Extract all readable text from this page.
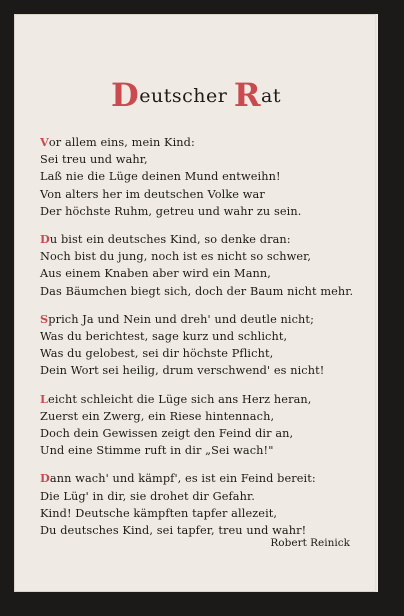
Deutscher Rat
Vor allem eins, mein Kind:
Sei treu und wahr,
Laß nie die Lüge deinen Mund entweihn!
Von alters her im deutschen Volke war
Der höchste Ruhm, getreu und wahr zu sein.
Du bist ein deutsches Kind, so denke dran:
Noch bist du jung, noch ist es nicht so schwer,
Aus einem Knaben aber wird ein Mann,
Das Bäumchen biegt sich, doch der Baum nicht mehr.
Sprich Ja und Nein und dreh' und deutle nicht;
Was du berichtest, sage kurz und schlicht,
Was du gelobest, sei dir höchste Pflicht,
Dein Wort sei heilig, drum verschwend' es nicht!
Leicht schleicht die Lüge sich ans Herz heran,
Zuerst ein Zwerg, ein Riese hintennach,
Doch dein Gewissen zeigt den Feind dir an,
Und eine Stimme ruft in dir „Sei wach!"
Dann wach' und kämpf', es ist ein Feind bereit:
Die Lüg' in dir, sie drohet dir Gefahr.
Kind! Deutsche kämpften tapfer allezeit,
Du deutsches Kind, sei tapfer, treu und wahr!
Robert Reinick
